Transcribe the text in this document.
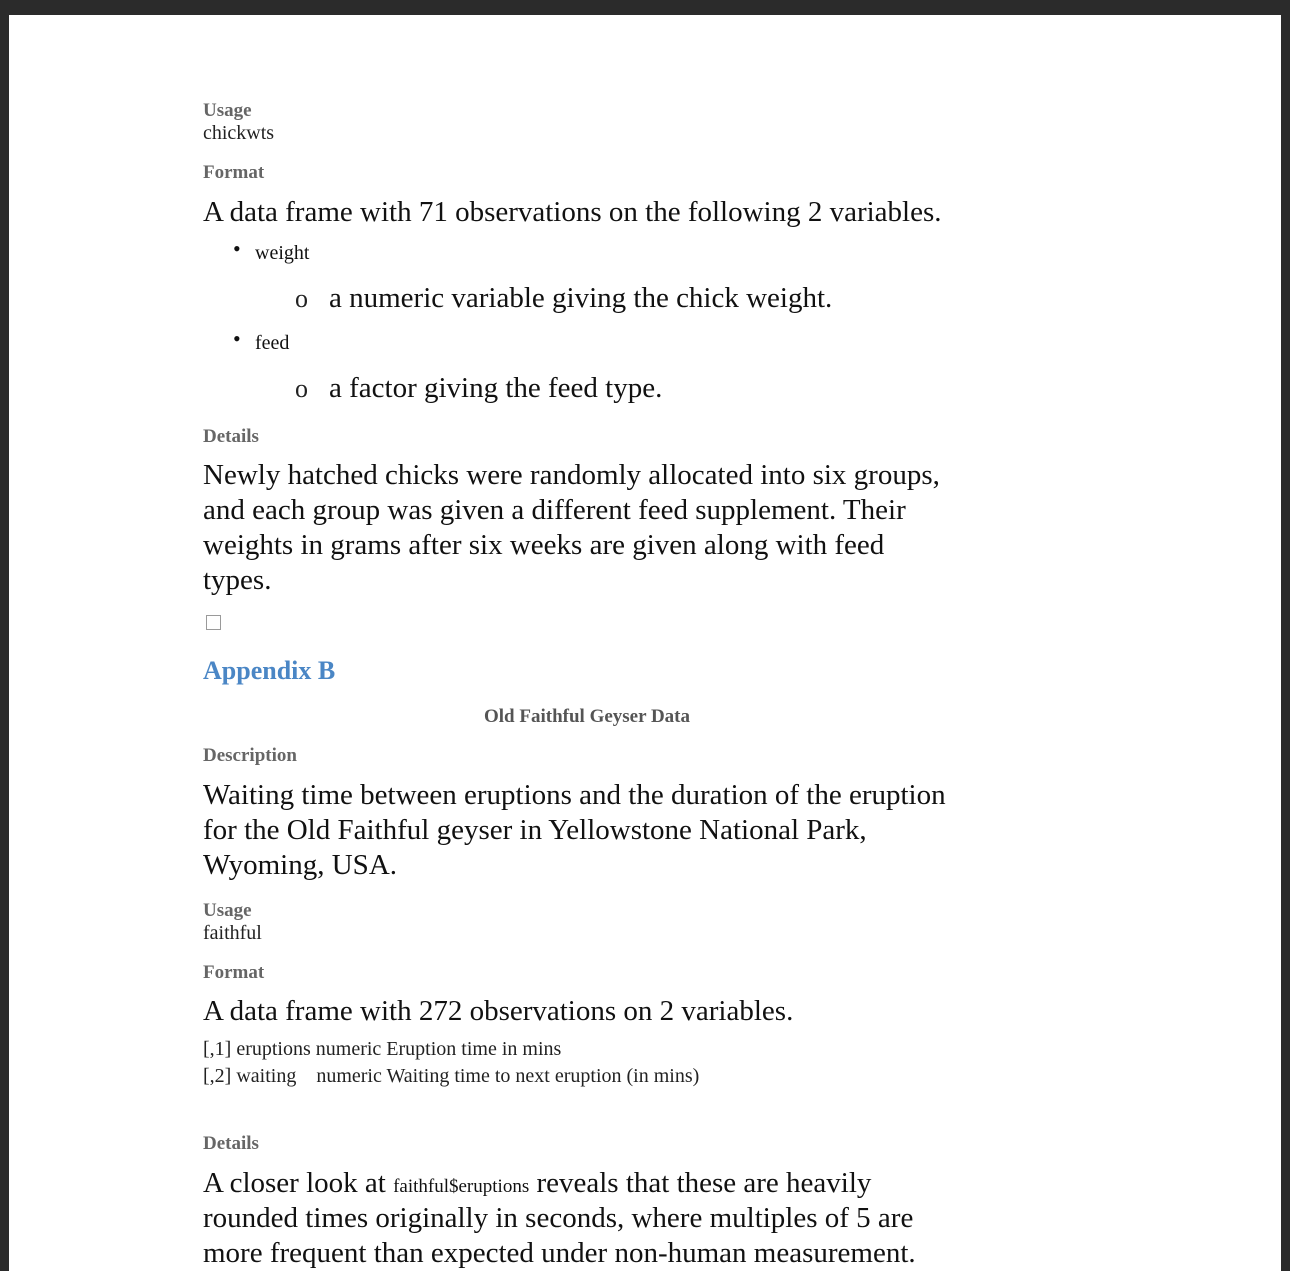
Usage
chickwts
Format
A data frame with 71 observations on the following 2 variables.
• weight
o a numeric variable giving the chick weight.
• feed
o a factor giving the feed type.
Details
Newly hatched chicks were randomly allocated into six groups,
and each group was given a different feed supplement. Their
weights in grams after six weeks are given along with feed
types.
Appendix B
Old Faithful Geyser Data
Description
Waiting time between eruptions and the duration of the eruption
for the Old Faithful geyser in Yellowstone National Park,
Wyoming, USA.
Usage
faithful
Format
A data frame with 272 observations on 2 variables.
[,1] eruptions numeric Eruption time in mins
[,2] waiting numeric Waiting time to next eruption (in mins)
Details
A closer look at faithful$eruptions reveals that these are heavily
rounded times originally in seconds, where multiples of 5 are
more frequent than expected under non-human measurement.
